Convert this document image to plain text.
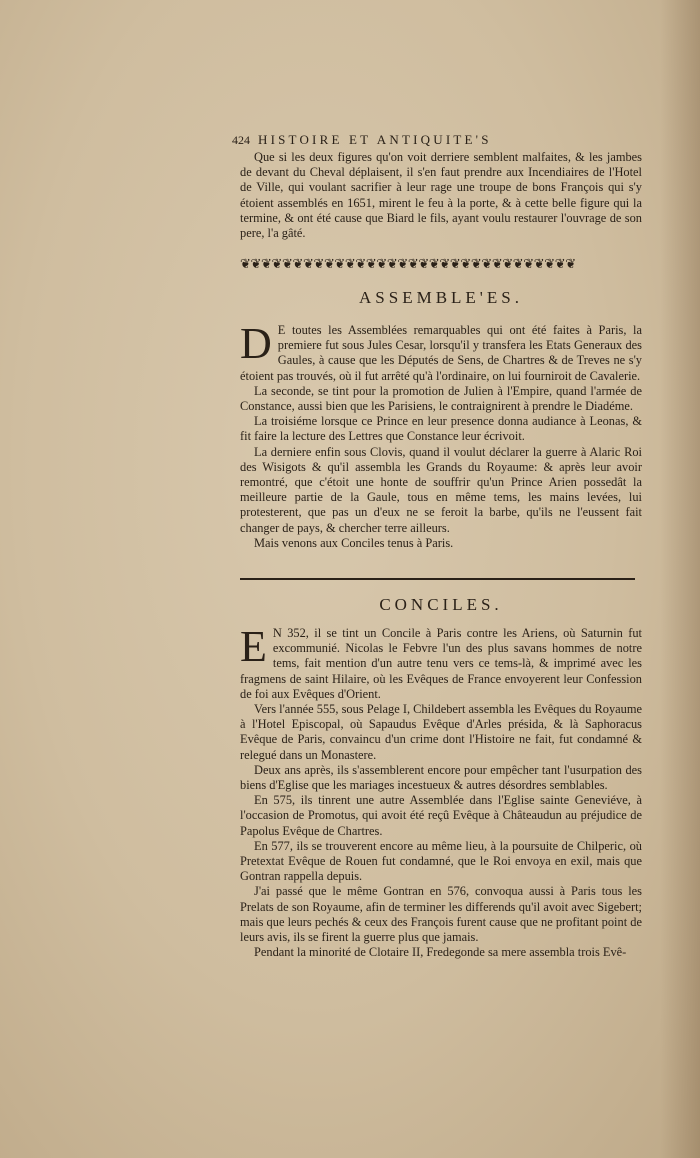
424 HISTOIRE ET ANTIQUITE'S

Que si les deux figures qu'on voit derriere semblent malfaites, & les jambes de devant du Cheval déplaisent, il s'en faut prendre aux Incendiaires de l'Hotel de Ville, qui voulant sacrifier à leur rage une troupe de bons François qui s'y étoient assemblés en 1651, mirent le feu à la porte, & à cette belle figure qui la termine, & ont été cause que Biard le fils, ayant voulu restaurer l'ouvrage de son pere, l'a gâté.

❦❦❦❦❦❦❦❦❦❦❦❦❦❦❦❦❦❦❦❦❦❦❦❦❦❦❦❦❦❦❦❦
ASSEMBLE'ES.

D E toutes les Assemblées remarquables qui ont été faites à Paris, la premiere fut sous Jules Cesar, lorsqu'il y transfera les Etats Generaux des Gaules, à cause que les Députés de Sens, de Chartres & de Treves ne s'y étoient pas trouvés, où il fut arrêté qu'à l'ordinaire, on lui fourniroit de Cavalerie.

La seconde, se tint pour la promotion de Julien à l'Empire, quand l'armée de Constance, aussi bien que les Parisiens, le contraignirent à prendre le Diadéme.

La troisiéme lorsque ce Prince en leur presence donna audiance à Leonas, & fit faire la lecture des Lettres que Constance leur écrivoit.

La derniere enfin sous Clovis, quand il voulut déclarer la guerre à Alaric Roi des Wisigots & qu'il assembla les Grands du Royaume: & après leur avoir remontré, que c'étoit une honte de souffrir qu'un Prince Arien possedât la meilleure partie de la Gaule, tous en même tems, les mains levées, lui protesterent, que pas un d'eux ne se feroit la barbe, qu'ils ne l'eussent fait changer de pays, & chercher terre ailleurs.

Mais venons aux Conciles tenus à Paris.

CONCILES.

E N 352, il se tint un Concile à Paris contre les Ariens, où Saturnin fut excommunié. Nicolas le Febvre l'un des plus savans hommes de notre tems, fait mention d'un autre tenu vers ce tems-là, & imprimé avec les fragmens de saint Hilaire, où les Evêques de France envoyerent leur Confession de foi aux Evêques d'Orient.

Vers l'année 555, sous Pelage I, Childebert assembla les Evêques du Royaume à l'Hotel Episcopal, où Sapaudus Evêque d'Arles présida, & là Saphoracus Evêque de Paris, convaincu d'un crime dont l'Histoire ne fait, fut condamné & relegué dans un Monastere.

Deux ans après, ils s'assemblerent encore pour empêcher tant l'usurpation des biens d'Eglise que les mariages incestueux & autres désordres semblables.

En 575, ils tinrent une autre Assemblée dans l'Eglise sainte Geneviéve, à l'occasion de Promotus, qui avoit été reçû Evêque à Châteaudun au préjudice de Papolus Evêque de Chartres.

En 577, ils se trouverent encore au même lieu, à la poursuite de Chilperic, où Pretextat Evêque de Rouen fut condamné, que le Roi envoya en exil, mais que Gontran rappella depuis.

J'ai passé que le même Gontran en 576, convoqua aussi à Paris tous les Prelats de son Royaume, afin de terminer les differends qu'il avoit avec Sigebert; mais que leurs pechés & ceux des François furent cause que ne profitant point de leurs avis, ils se firent la guerre plus que jamais.

Pendant la minorité de Clotaire II, Fredegonde sa mere assembla trois Evê-
